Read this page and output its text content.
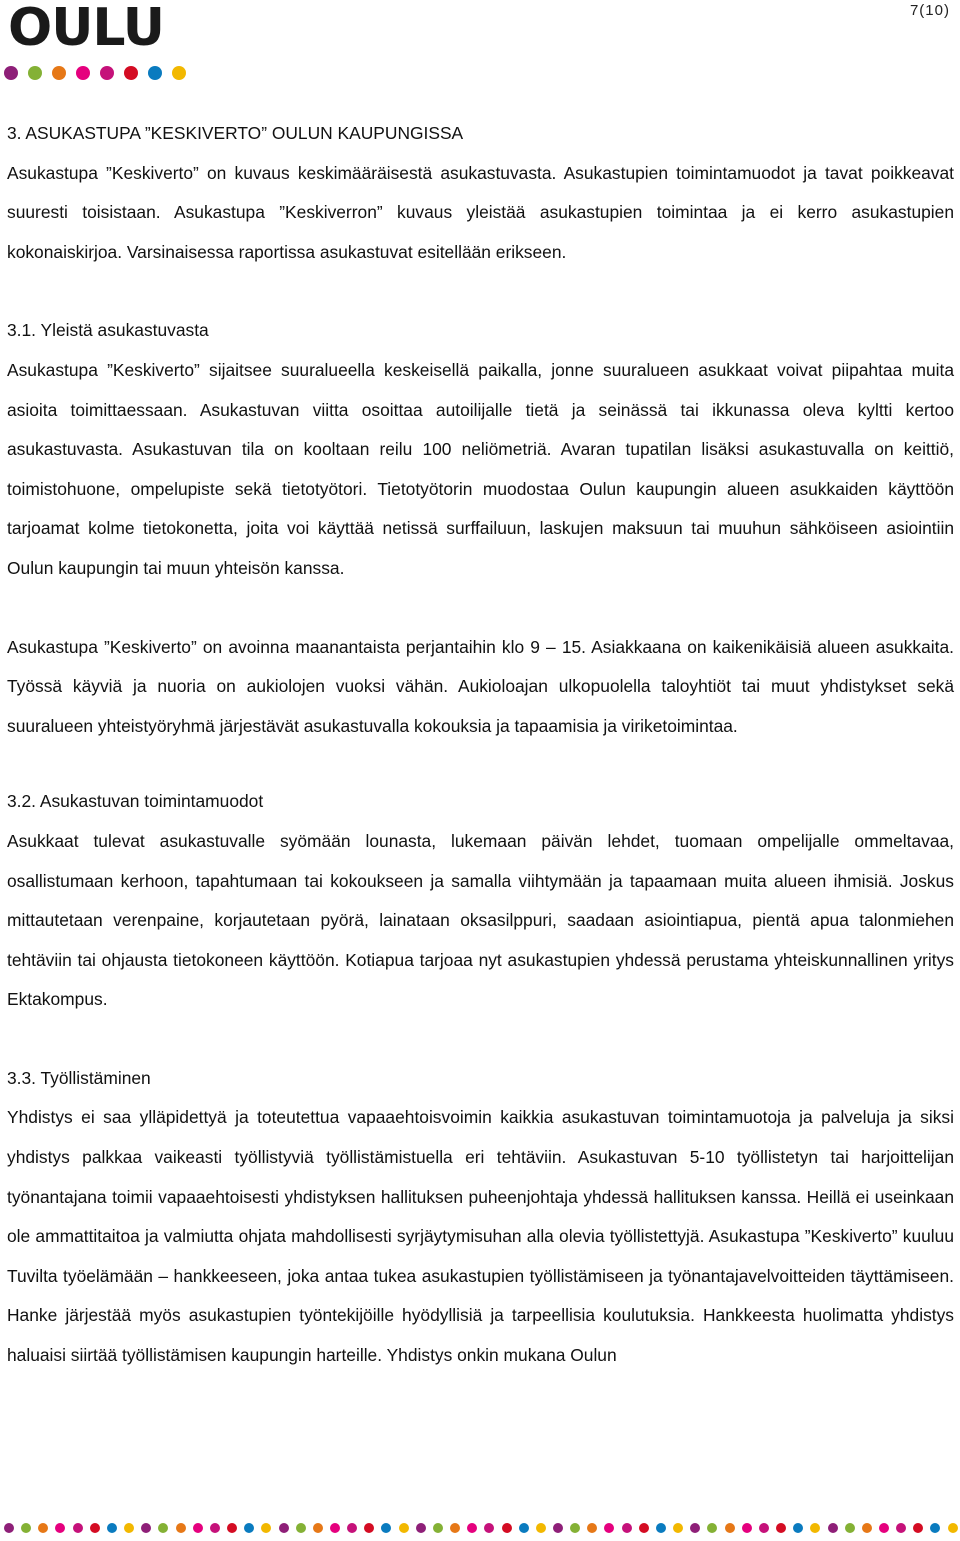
OULU	7(10)
3. ASUKASTUPA ”KESKIVERTO” OULUN KAUPUNGISSA

Asukastupa ”Keskiverto” on kuvaus keskimääräisestä asukastuvasta. Asukastupien toimintamuodot ja tavat poikkeavat suuresti toisistaan. Asukastupa ”Keskiverron” kuvaus yleistää asukastupien toimintaa ja ei kerro asukastupien kokonaiskirjoa. Varsinaisessa raportissa asukastuvat esitellään erikseen.

3.1. Yleistä asukastuvasta

Asukastupa ”Keskiverto” sijaitsee suuralueella keskeisellä paikalla, jonne suuralueen asukkaat voivat piipahtaa muita asioita toimittaessaan. Asukastuvan viitta osoittaa autoilijalle tietä ja seinässä tai ikkunassa oleva kyltti kertoo asukastuvasta. Asukastuvan tila on kooltaan reilu 100 neliömetriä. Avaran tupatilan lisäksi asukastuvalla on keittiö, toimistohuone, ompelupiste sekä tietotyötori. Tietotyötorin muodostaa Oulun kaupungin alueen asukkaiden käyttöön tarjoamat kolme tietokonetta, joita voi käyttää netissä surffailuun, laskujen maksuun tai muuhun sähköiseen asiointiin Oulun kaupungin tai muun yhteisön kanssa.

Asukastupa ”Keskiverto” on avoinna maanantaista perjantaihin klo 9 – 15. Asiakkaana on kaikenikäisiä alueen asukkaita. Työssä käyviä ja nuoria on aukiolojen vuoksi vähän. Aukioloajan ulkopuolella taloyhtiöt tai muut yhdistykset sekä suuralueen yhteistyöryhmä järjestävät asukastuvalla kokouksia ja tapaamisia ja viriketoimintaa.

3.2. Asukastuvan toimintamuodot

Asukkaat tulevat asukastuvalle syömään lounasta, lukemaan päivän lehdet, tuomaan ompelijalle ommeltavaa, osallistumaan kerhoon, tapahtumaan tai kokoukseen ja samalla viihtymään ja tapaamaan muita alueen ihmisiä. Joskus mittautetaan verenpaine, korjautetaan pyörä, lainataan oksasilppuri, saadaan asiointiapua, pientä apua talonmiehen tehtäviin tai ohjausta tietokoneen käyttöön. Kotiapua tarjoaa nyt asukastupien yhdessä perustama yhteiskunnallinen yritys Ektakompus.

3.3. Työllistäminen

Yhdistys ei saa ylläpidettyä ja toteutettua vapaaehtoisvoimin kaikkia asukastuvan toimintamuotoja ja palveluja ja siksi yhdistys palkkaa vaikeasti työllistyviä työllistämistuella eri tehtäviin. Asukastuvan 5-10 työllistetyn tai harjoittelijan työnantajana toimii vapaaehtoisesti yhdistyksen hallituksen puheenjohtaja yhdessä hallituksen kanssa. Heillä ei useinkaan ole ammattitaitoa ja valmiutta ohjata mahdollisesti syrjäytymisuhan alla olevia työllistettyjä. Asukastupa ”Keskiverto” kuuluu Tuvilta työelämään – hankkeeseen, joka antaa tukea asukastupien työllistämiseen ja työnantajavelvoitteiden täyttämiseen. Hanke järjestää myös asukastupien työntekijöille hyödyllisiä ja tarpeellisia koulutuksia. Hankkeesta huolimatta yhdistys haluaisi siirtää työllistämisen kaupungin harteille. Yhdistys onkin mukana Oulun
